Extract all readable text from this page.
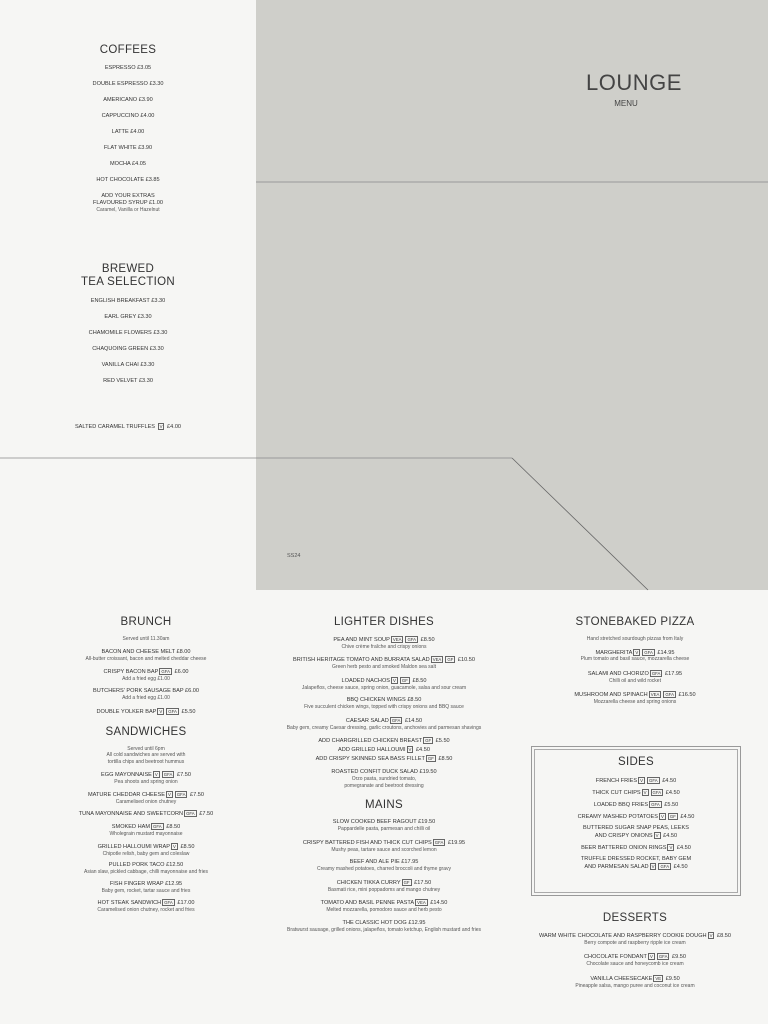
LOUNGE
MENU
SS24
COFFEES
ESPRESSO £3.05
DOUBLE ESPRESSO £3.30
AMERICANO £3.90
CAPPUCCINO £4.00
LATTE £4.00
FLAT WHITE £3.90
MOCHA £4.05
HOT CHOCOLATE £3.85
ADD YOUR EXTRAS
FLAVOURED SYRUP £1.00
Caramel, Vanilla or Hazelnut
BREWED
TEA SELECTION
ENGLISH BREAKFAST £3.30
EARL GREY £3.30
CHAMOMILE FLOWERS £3.30
CHAQUOING GREEN £3.30
VANILLA CHAI £3.30
RED VELVET £3.30
SALTED CARAMEL TRUFFLES V £4.00
BRUNCH
Served until 11.30am
BACON AND CHEESE MELT £8.00
All-butter croissant, bacon and melted cheddar cheese
CRISPY BACON BAP GFA £6.00
Add a fried egg £1.00
BUTCHERS' PORK SAUSAGE BAP £6.00
Add a fried egg £1.00
DOUBLE YOLKER BAP V GFA £5.50
SANDWICHES
Served until 6pm
All cold sandwiches are served with
tortilla chips and beetroot hummus
EGG MAYONNAISE V GFA £7.50
Pea shoots and spring onion
MATURE CHEDDAR CHEESE V GFA £7.50
Caramelised onion chutney
TUNA MAYONNAISE AND SWEETCORN GFA £7.50
SMOKED HAM GFA £8.50
Wholegrain mustard mayonnaise
GRILLED HALLOUMI WRAP V £8.50
Chipotle relish, baby gem and coleslaw
PULLED PORK TACO £12.50
Asian slaw, pickled cabbage, chilli mayonnaise and fries
FISH FINGER WRAP £12.95
Baby gem, rocket, tartar sauce and fries
HOT STEAK SANDWICH GFA £17.00
Caramelised onion chutney, rocket and fries
LIGHTER DISHES
PEA AND MINT SOUP VEA GFA £8.50
Chive crème fraîche and crispy onions
BRITISH HERITAGE TOMATO AND BURRATA SALAD VEA GF £10.50
Green herb pesto and smoked Maldon sea salt
LOADED NACHOS V GF £8.50
Jalapeños, cheese sauce, spring onion, guacamole, salsa and sour cream
BBQ CHICKEN WINGS £8.50
Five succulent chicken wings, topped with crispy onions and BBQ sauce
CAESAR SALAD GFA £14.50
Baby gem, creamy Caesar dressing, garlic croutons, anchovies and parmesan shavings
ADD CHARGRILLED CHICKEN BREAST GF £5.50
ADD GRILLED HALLOUMI V £4.50
ADD CRISPY SKINNED SEA BASS FILLET GF £8.50
ROASTED CONFIT DUCK SALAD £19.50
Orzo pasta, sundried tomato,
pomegranate and beetroot dressing
MAINS
SLOW COOKED BEEF RAGOUT £19.50
Pappardelle pasta, parmesan and chilli oil
CRISPY BATTERED FISH AND THICK CUT CHIPS GFA £19.95
Mushy peas, tartare sauce and scorched lemon
BEEF AND ALE PIE £17.95
Creamy mashed potatoes, charred broccoli and thyme gravy
CHICKEN TIKKA CURRY GF £17.50
Basmati rice, mini poppadoms and mango chutney
TOMATO AND BASIL PENNE PASTA VEA £14.50
Melted mozzarella, pomodoro sauce and herb pesto
THE CLASSIC HOT DOG £12.95
Bratwurst sausage, grilled onions, jalapeños, tomato ketchup, English mustard and fries
STONEBAKED PIZZA
Hand stretched sourdough pizzas from Italy
MARGHERITA V GFA £14.95
Plum tomato and basil sauce, mozzarella cheese
SALAMI AND CHORIZO GFA £17.95
Chilli oil and wild rocket
MUSHROOM AND SPINACH VEA GFA £16.50
Mozzarella cheese and spring onions
SIDES
FRENCH FRIES V GFA £4.50
THICK CUT CHIPS V GFA £4.50
LOADED BBQ FRIES GFA £5.50
CREAMY MASHED POTATOES V GF £4.50
BUTTERED SUGAR SNAP PEAS, LEEKS
AND CRISPY ONIONS V £4.50
BEER BATTERED ONION RINGS V £4.50
TRUFFLE DRESSED ROCKET, BABY GEM
AND PARMESAN SALAD V GFA £4.50
DESSERTS
WARM WHITE CHOCOLATE AND RASPBERRY COOKIE DOUGH V £8.50
Berry compote and raspberry ripple ice cream
CHOCOLATE FONDANT V GFA £9.50
Chocolate sauce and honeycomb ice cream
VANILLA CHEESECAKE VE £9.50
Pineapple salsa, mango puree and coconut ice cream
